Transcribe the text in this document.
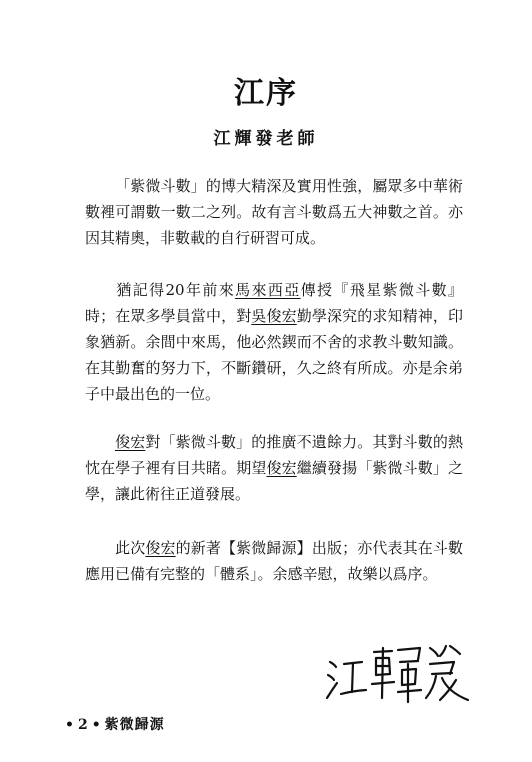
江序
江輝發老師

「紫微斗數」的博大精深及實用性強，屬眾多中華術數裡可謂數一數二之列。故有言斗數爲五大神數之首。亦因其精奧，非數載的自行研習可成。

猶記得20年前來馬來西亞傳授『飛星紫微斗數』時；在眾多學員當中，對吳俊宏勤學深究的求知精神，印象猶新。余間中來馬，他必然鍥而不舍的求教斗數知識。在其勤奮的努力下，不斷鑽研，久之終有所成。亦是余弟子中最出色的一位。

俊宏對「紫微斗數」的推廣不遺餘力。其對斗數的熱忱在學子裡有目共睹。期望俊宏繼續發揚「紫微斗數」之學，讓此術往正道發展。

此次俊宏的新著【紫微歸源】出版；亦代表其在斗數應用已備有完整的「體系」。余感辛慰，故樂以爲序。

• 2 • 紫微歸源
